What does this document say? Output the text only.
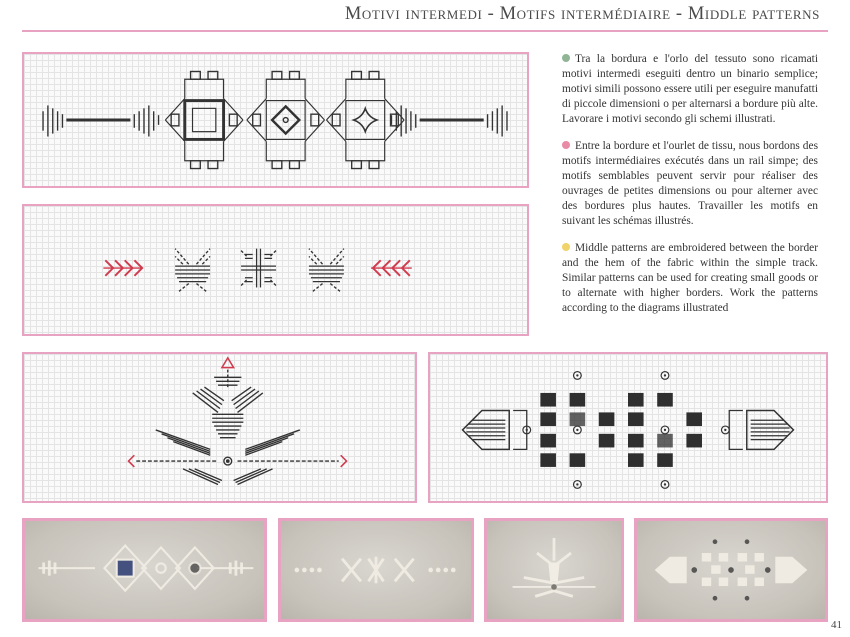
Motivi intermedi - Motifs intermédiaire - Middle patterns

Tra la bordura e l'orlo del tessuto sono ricamati motivi intermedi eseguiti dentro un binario semplice; motivi simili possono essere utili per eseguire manufatti di piccole dimensioni o per alternarsi a bordure più alte. Lavorare i motivi secondo gli schemi illustrati.

Entre la bordure et l'ourlet de tissu, nous bordons des motifs intermédiaires exécutés dans un rail simpe; des motifs semblables peuvent servir pour réaliser des ouvrages de petites dimensions ou pour alterner avec des bordures plus hautes. Travailler les motifs en suivant les schémas illustrés.

Middle patterns are embroidered between the border and the hem of the fabric within the simple track. Similar patterns can be used for creating small goods or to alternate with higher borders. Work the patterns according to the diagrams illustrated

41
